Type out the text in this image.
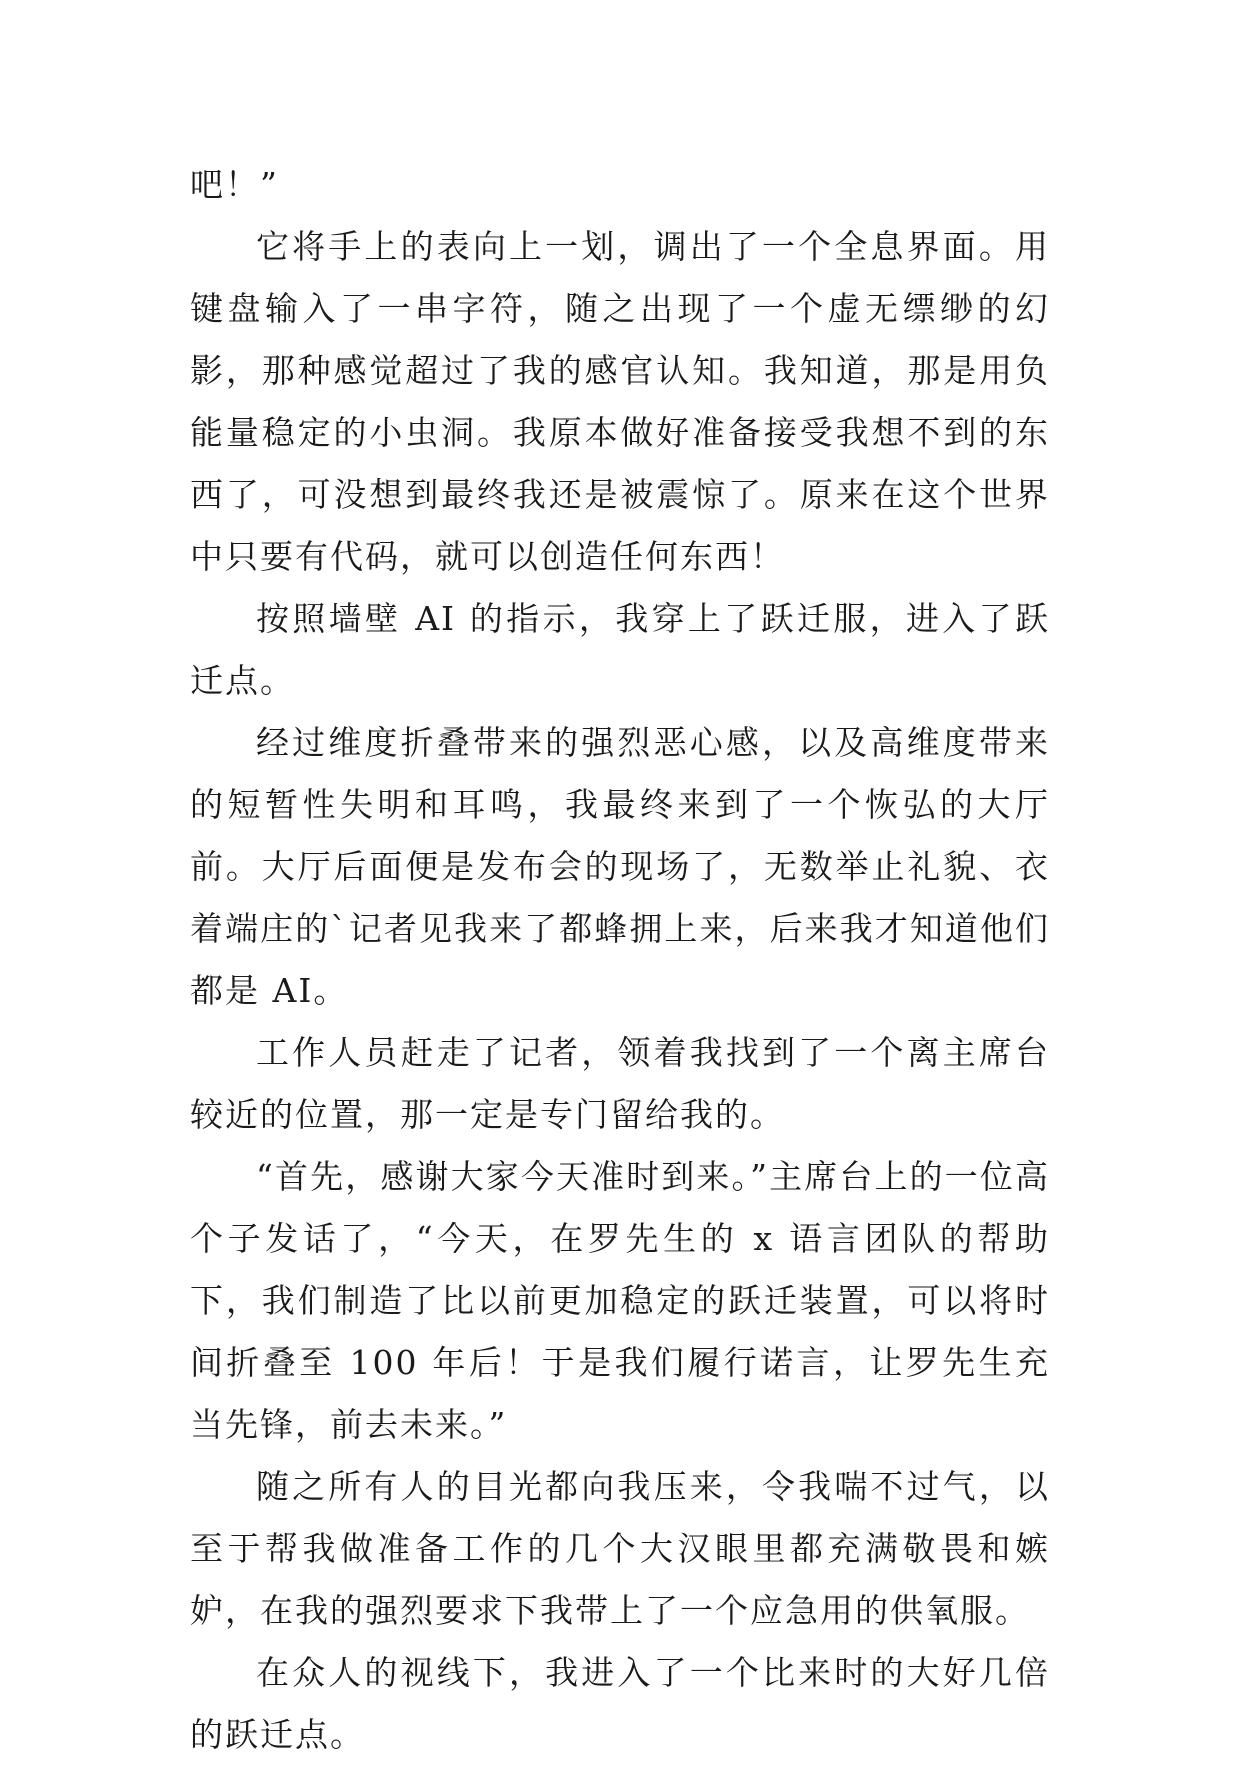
吧！”

它将手上的表向上一划，调出了一个全息界面。用键盘输入了一串字符，随之出现了一个虚无缥缈的幻影，那种感觉超过了我的感官认知。我知道，那是用负能量稳定的小虫洞。我原本做好准备接受我想不到的东西了，可没想到最终我还是被震惊了。原来在这个世界中只要有代码，就可以创造任何东西！

按照墙壁 AI 的指示，我穿上了跃迁服，进入了跃迁点。

经过维度折叠带来的强烈恶心感，以及高维度带来的短暂性失明和耳鸣，我最终来到了一个恢弘的大厅前。大厅后面便是发布会的现场了，无数举止礼貌、衣着端庄的`记者见我来了都蜂拥上来，后来我才知道他们都是 AI。

工作人员赶走了记者，领着我找到了一个离主席台较近的位置，那一定是专门留给我的。

“首先，感谢大家今天准时到来。”主席台上的一位高个子发话了，“今天，在罗先生的 x 语言团队的帮助下，我们制造了比以前更加稳定的跃迁装置，可以将时间折叠至 100 年后！于是我们履行诺言，让罗先生充当先锋，前去未来。”

随之所有人的目光都向我压来，令我喘不过气，以至于帮我做准备工作的几个大汉眼里都充满敬畏和嫉妒，在我的强烈要求下我带上了一个应急用的供氧服。

在众人的视线下，我进入了一个比来时的大好几倍的跃迁点。
